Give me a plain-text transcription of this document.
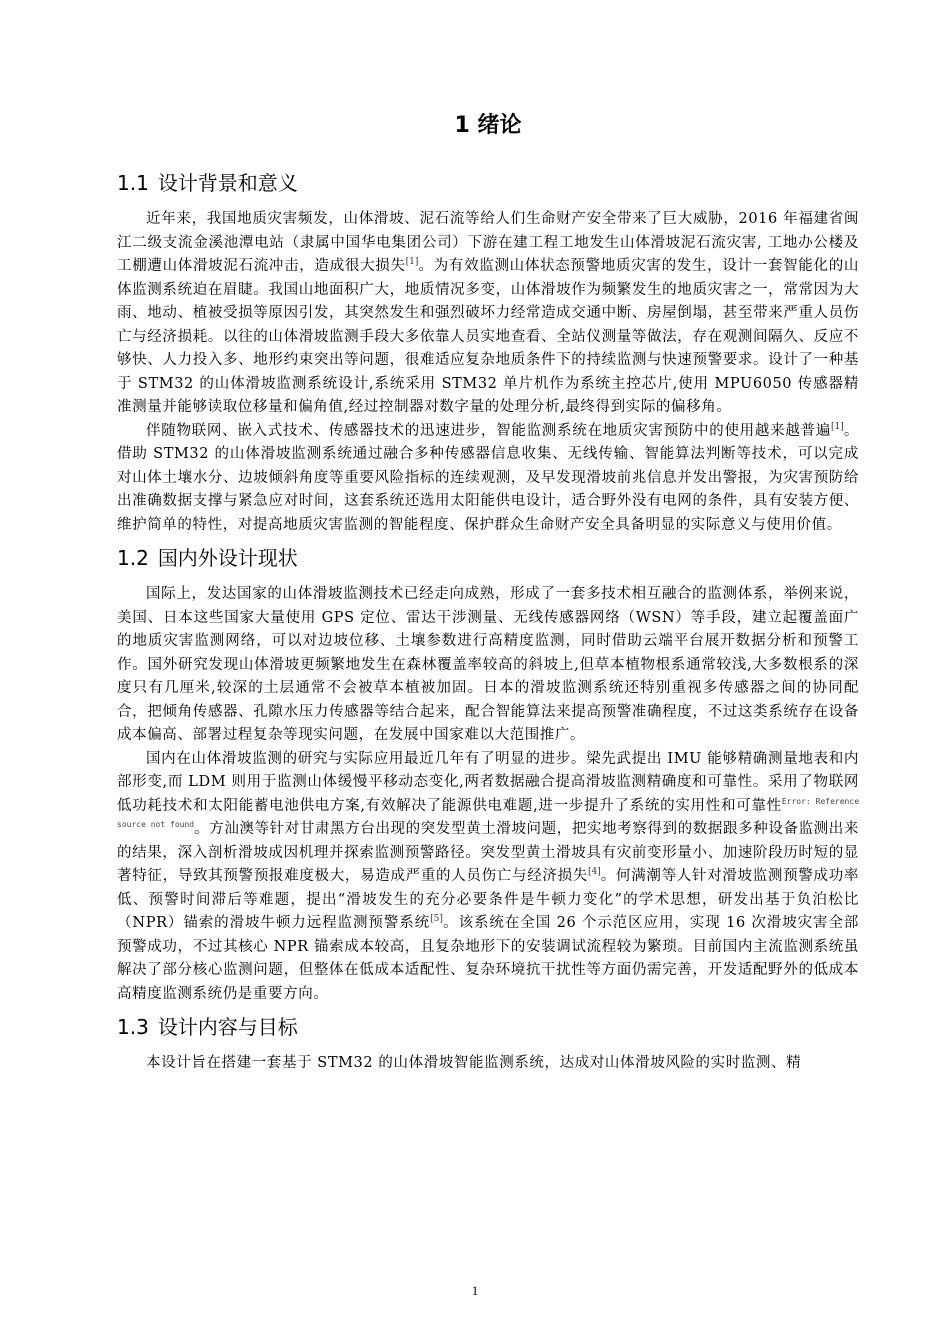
1 绪论
1.1 设计背景和意义

近年来，我国地质灾害频发，山体滑坡、泥石流等给人们生命财产安全带来了巨大威胁，2016 年福建省闽江二级支流金溪池潭电站（隶属中国华电集团公司）下游在建工程工地发生山体滑坡泥石流灾害, 工地办公楼及工棚遭山体滑坡泥石流冲击，造成很大损失[1]。为有效监测山体状态预警地质灾害的发生，设计一套智能化的山体监测系统迫在眉睫。我国山地面积广大，地质情况多变，山体滑坡作为频繁发生的地质灾害之一，常常因为大雨、地动、植被受损等原因引发，其突然发生和强烈破坏力经常造成交通中断、房屋倒塌，甚至带来严重人员伤亡与经济损耗。以往的山体滑坡监测手段大多依靠人员实地查看、全站仪测量等做法，存在观测间隔久、反应不够快、人力投入多、地形约束突出等问题，很难适应复杂地质条件下的持续监测与快速预警要求。设计了一种基于 STM32 的山体滑坡监测系统设计,系统采用 STM32 单片机作为系统主控芯片,使用 MPU6050 传感器精准测量并能够读取位移量和偏角值,经过控制器对数字量的处理分析,最终得到实际的偏移角。

伴随物联网、嵌入式技术、传感器技术的迅速进步，智能监测系统在地质灾害预防中的使用越来越普遍[1]。借助 STM32 的山体滑坡监测系统通过融合多种传感器信息收集、无线传输、智能算法判断等技术，可以完成对山体土壤水分、边坡倾斜角度等重要风险指标的连续观测，及早发现滑坡前兆信息并发出警报，为灾害预防给出准确数据支撑与紧急应对时间，这套系统还选用太阳能供电设计，适合野外没有电网的条件，具有安装方便、维护简单的特性，对提高地质灾害监测的智能程度、保护群众生命财产安全具备明显的实际意义与使用价值。

1.2 国内外设计现状

国际上，发达国家的山体滑坡监测技术已经走向成熟，形成了一套多技术相互融合的监测体系，举例来说，美国、日本这些国家大量使用 GPS 定位、雷达干涉测量、无线传感器网络（WSN）等手段，建立起覆盖面广的地质灾害监测网络，可以对边坡位移、土壤参数进行高精度监测，同时借助云端平台展开数据分析和预警工作。国外研究发现山体滑坡更频繁地发生在森林覆盖率较高的斜坡上,但草本植物根系通常较浅,大多数根系的深度只有几厘米,较深的土层通常不会被草本植被加固。日本的滑坡监测系统还特别重视多传感器之间的协同配合，把倾角传感器、孔隙水压力传感器等结合起来，配合智能算法来提高预警准确程度，不过这类系统存在设备成本偏高、部署过程复杂等现实问题，在发展中国家难以大范围推广。

国内在山体滑坡监测的研究与实际应用最近几年有了明显的进步。梁先武提出 IMU 能够精确测量地表和内部形变,而 LDM 则用于监测山体缓慢平移动态变化,两者数据融合提高滑坡监测精确度和可靠性。采用了物联网低功耗技术和太阳能蓄电池供电方案,有效解决了能源供电难题,进一步提升了系统的实用性和可靠性$^{Error: Reference source not found}$。方汕澳等针对甘肃黑方台出现的突发型黄土滑坡问题，把实地考察得到的数据跟多种设备监测出来的结果，深入剖析滑坡成因机理并探索监测预警路径。突发型黄土滑坡具有灾前变形量小、加速阶段历时短的显著特征，导致其预警预报难度极大，易造成严重的人员伤亡与经济损失[4]。何满潮等人针对滑坡监测预警成功率低、预警时间滞后等难题，提出“滑坡发生的充分必要条件是牛顿力变化”的学术思想，研发出基于负泊松比（NPR）锚索的滑坡牛顿力远程监测预警系统[5]。该系统在全国 26 个示范区应用，实现 16 次滑坡灾害全部预警成功，不过其核心 NPR 锚索成本较高，且复杂地形下的安装调试流程较为繁琐。目前国内主流监测系统虽解决了部分核心监测问题，但整体在低成本适配性、复杂环境抗干扰性等方面仍需完善，开发适配野外的低成本高精度监测系统仍是重要方向。

1.3 设计内容与目标

本设计旨在搭建一套基于 STM32 的山体滑坡智能监测系统，达成对山体滑坡风险的实时监测、精

1
